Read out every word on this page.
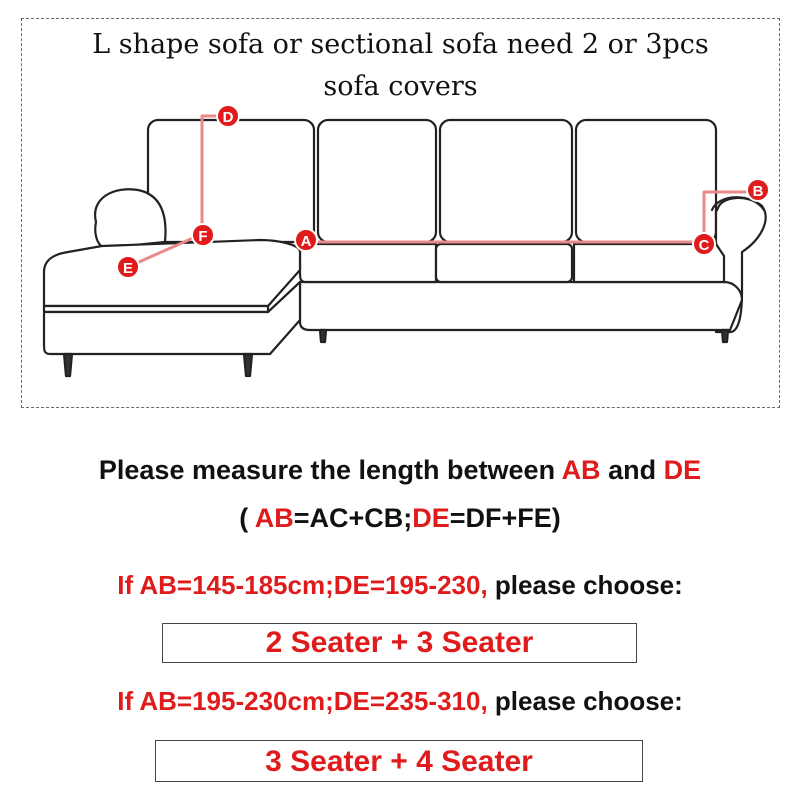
L shape sofa or sectional sofa need 2 or 3pcs
sofa covers
A
B
C
D
E
F
Please measure the length between AB and DE
( AB=AC+CB;DE=DF+FE)
If AB=145-185cm;DE=195-230, please choose:
2 Seater + 3 Seater
If AB=195-230cm;DE=235-310, please choose:
3 Seater + 4 Seater
